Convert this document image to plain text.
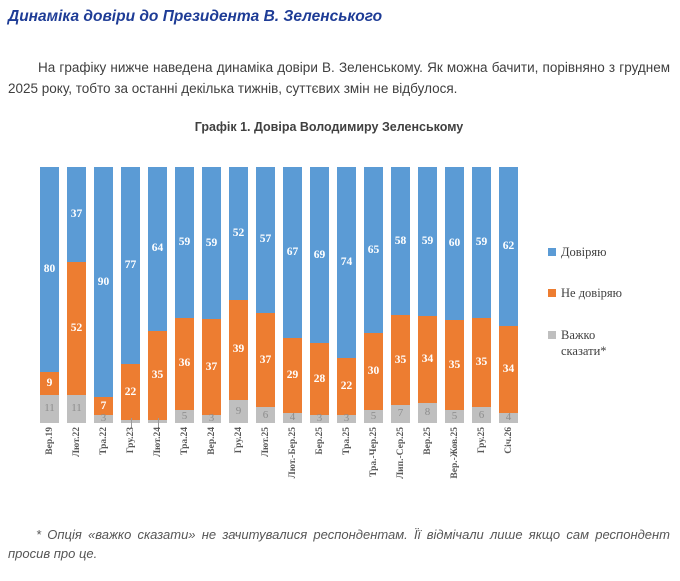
Динаміка довіри до Президента В. Зеленського

На графіку нижче наведена динаміка довіри В. Зеленському. Як можна бачити, порівняно з груднем 2025 року, тобто за останні декілька тижнів, суттєвих змін не відбулося.

Графік 1. Довіра Володимиру Зеленському
80
9
11
Вер.19
37
52
11
Лют.22
90
7
3
Тра.22
77
22
Гру.23
64
35
Лют.24
59
36
5
Тра.24
59
37
3
Вер.24
52
39
9
Гру.24
57
37
6
Лют.25
67
29
4
Лют.-Бер.25
69
28
3
Бер.25
74
22
3
Тра.25
65
30
5
Тра.-Чер.25
58
35
7
Лип.-Сер.25
59
34
8
Вер.25
60
35
5
Вер.-Жов.25
59
35
6
Гру.25
62
34
4
Січ.26
Довіряю
Не довіряю
Важко сказати*

* Опція «важко сказати» не зачитувалися респондентам. Її відмічали лише якщо сам респондент просив про це.
